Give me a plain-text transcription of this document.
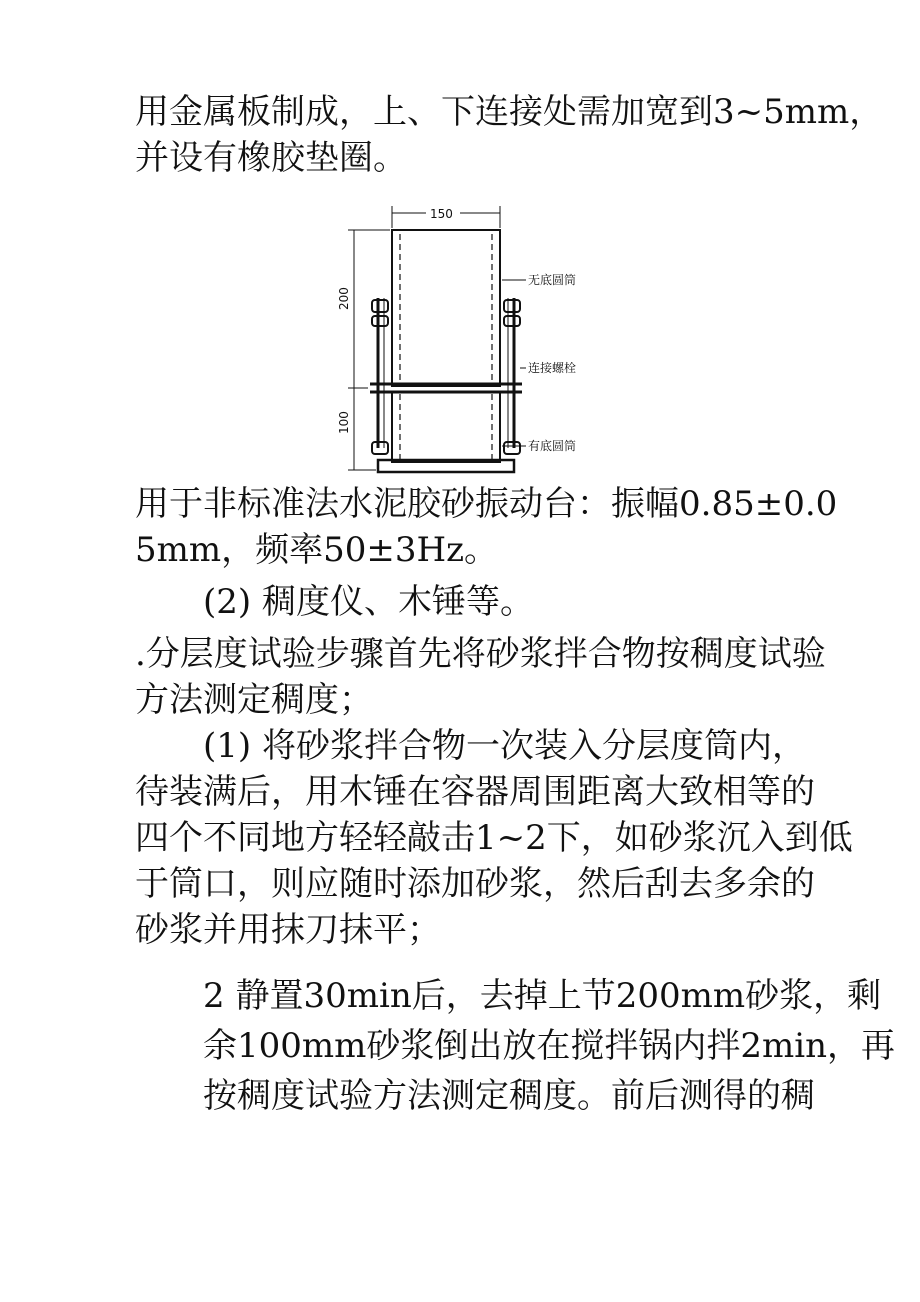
用金属板制成，上、下连接处需加宽到3~5mm，
并设有橡胶垫圈。
150
200
100
无底圆筒
连接螺栓
有底圆筒
用于非标准法水泥胶砂振动台：振幅0.85±0.0
5mm，频率50±3Hz。
(2) 稠度仪、木锤等。
.分层度试验步骤首先将砂浆拌合物按稠度试验
方法测定稠度；
(1) 将砂浆拌合物一次装入分层度筒内，
待装满后，用木锤在容器周围距离大致相等的
四个不同地方轻轻敲击1~2下，如砂浆沉入到低
于筒口，则应随时添加砂浆，然后刮去多余的
砂浆并用抹刀抹平；
2 静置30min后，去掉上节200mm砂浆，剩
余100mm砂浆倒出放在搅拌锅内拌2min，再
按稠度试验方法测定稠度。前后测得的稠
